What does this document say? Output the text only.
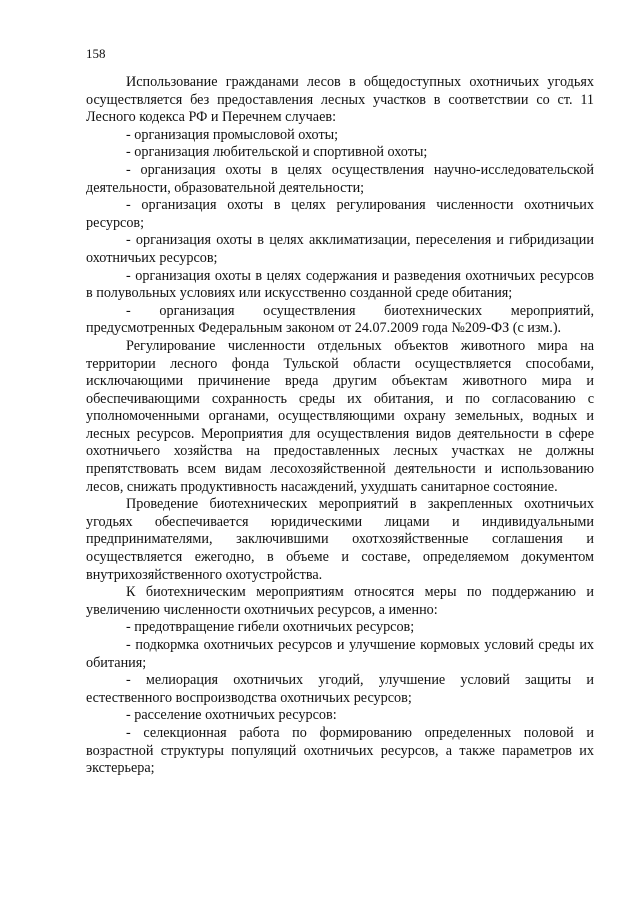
158

Использование гражданами лесов в общедоступных охотничьих угодьях осуществляется без предоставления лесных участков в соответствии со ст. 11 Лесного кодекса РФ и Перечнем случаев:

- организация промысловой охоты;

- организация любительской и спортивной охоты;

- организация охоты в целях осуществления научно-исследовательской деятельности, образовательной деятельности;

- организация охоты в целях регулирования численности охотничьих ресурсов;

- организация охоты в целях акклиматизации, переселения и гибридизации охотничьих ресурсов;

- организация охоты в целях содержания и разведения охотничьих ресурсов в полувольных условиях или искусственно созданной среде обитания;

- организация осуществления биотехнических мероприятий, предусмотренных Федеральным законом от 24.07.2009 года №209-ФЗ (с изм.).

Регулирование численности отдельных объектов животного мира на территории лесного фонда Тульской области осуществляется способами, исключающими причинение вреда другим объектам животного мира и обеспечивающими сохранность среды их обитания, и по согласованию с уполномоченными органами, осуществляющими охрану земельных, водных и лесных ресурсов. Мероприятия для осуществления видов деятельности в сфере охотничьего хозяйства на предоставленных лесных участках не должны препятствовать всем видам лесохозяйственной деятельности и использованию лесов, снижать продуктивность насаждений, ухудшать санитарное состояние.

Проведение биотехнических мероприятий в закрепленных охотничьих угодьях обеспечивается юридическими лицами и индивидуальными предпринимателями, заключившими охотхозяйственные соглашения и осуществляется ежегодно, в объеме и составе, определяемом документом внутрихозяйственного охотустройства.

К биотехническим мероприятиям относятся меры по поддержанию и увеличению численности охотничьих ресурсов, а именно:

- предотвращение гибели охотничьих ресурсов;

- подкормка охотничьих ресурсов и улучшение кормовых условий среды их обитания;

- мелиорация охотничьих угодий, улучшение условий защиты и естественного воспроизводства охотничьих ресурсов;

- расселение охотничьих ресурсов:

- селекционная работа по формированию определенных половой и возрастной структуры популяций охотничьих ресурсов, а также параметров их экстерьера;
